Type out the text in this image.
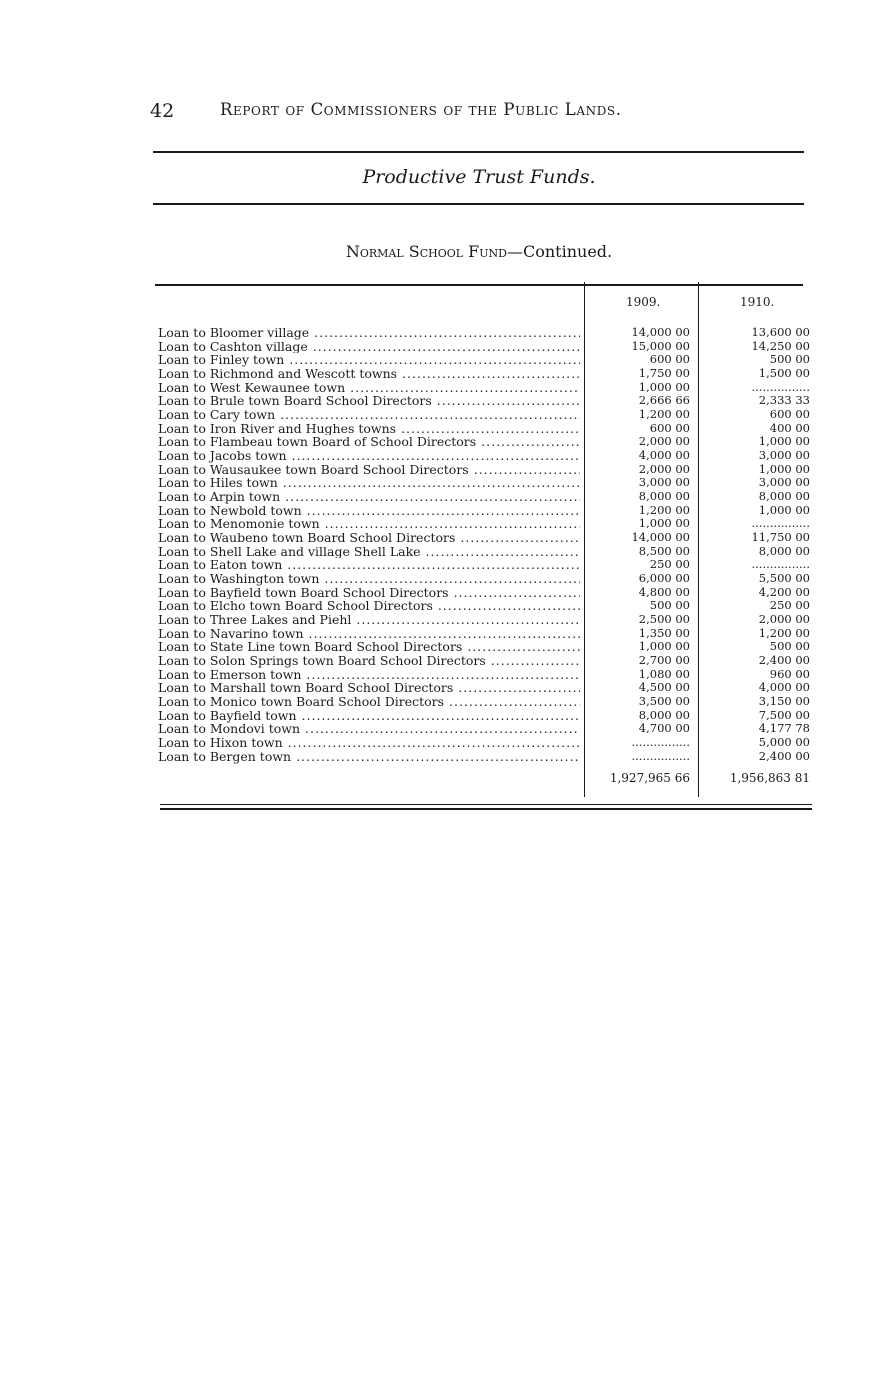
42	Report of Commissioners of the Public Lands.
Productive Trust Funds.
Normal School Fund—Continued.
1909.	1910.
Loan to Bloomer village .....	14,000 00	13,600 00
Loan to Cashton village .....	15,000 00	14,250 00
Loan to Finley town .....	600 00	500 00
Loan to Richmond and Wescott towns .....	1,750 00	1,500 00
Loan to West Kewaunee town .....	1,000 00	................
Loan to Brule town Board School Directors .....	2,666 66	2,333 33
Loan to Cary town .....	1,200 00	600 00
Loan to Iron River and Hughes towns .....	600 00	400 00
Loan to Flambeau town Board of School Directors .....	2,000 00	1,000 00
Loan to Jacobs town .....	4,000 00	3,000 00
Loan to Wausaukee town Board School Directors .....	2,000 00	1,000 00
Loan to Hiles town .....	3,000 00	3,000 00
Loan to Arpin town .....	8,000 00	8,000 00
Loan to Newbold town .....	1,200 00	1,000 00
Loan to Menomonie town .....	1,000 00	................
Loan to Waubeno town Board School Directors .....	14,000 00	11,750 00
Loan to Shell Lake and village Shell Lake .....	8,500 00	8,000 00
Loan to Eaton town .....	250 00	................
Loan to Washington town .....	6,000 00	5,500 00
Loan to Bayfield town Board School Directors .....	4,800 00	4,200 00
Loan to Elcho town Board School Directors .....	500 00	250 00
Loan to Three Lakes and Piehl .....	2,500 00	2,000 00
Loan to Navarino town .....	1,350 00	1,200 00
Loan to State Line town Board School Directors .....	1,000 00	500 00
Loan to Solon Springs town Board School Directors .....	2,700 00	2,400 00
Loan to Emerson town .....	1,080 00	960 00
Loan to Marshall town Board School Directors .....	4,500 00	4,000 00
Loan to Monico town Board School Directors .....	3,500 00	3,150 00
Loan to Bayfield town .....	8,000 00	7,500 00
Loan to Mondovi town .....	4,700 00	4,177 78
Loan to Hixon town .....	................	5,000 00
Loan to Bergen town .....	................	2,400 00
1,927,965 66	1,956,863 81
